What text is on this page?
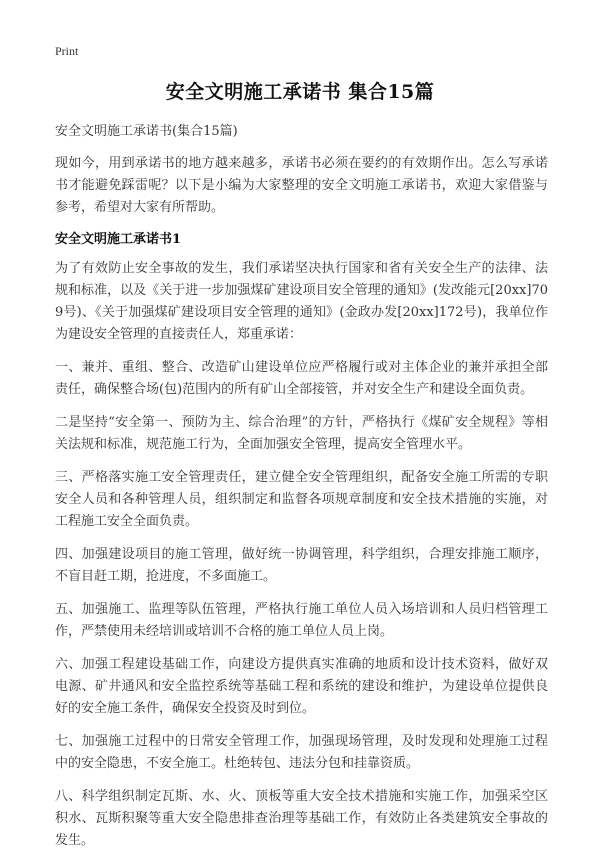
Print
安全文明施工承诺书 集合15篇

安全文明施工承诺书(集合15篇)

现如今，用到承诺书的地方越来越多，承诺书必须在要约的有效期作出。怎么写承诺书才能避免踩雷呢？以下是小编为大家整理的安全文明施工承诺书，欢迎大家借鉴与参考，希望对大家有所帮助。

安全文明施工承诺书1

为了有效防止安全事故的发生，我们承诺坚决执行国家和省有关安全生产的法律、法规和标准，以及《关于进一步加强煤矿建设项目安全管理的通知》(发改能元[20xx]709号)、《关于加强煤矿建设项目安全管理的通知》(金政办发[20xx]172号)，我单位作为建设安全管理的直接责任人，郑重承诺：

一、兼并、重组、整合、改造矿山建设单位应严格履行或对主体企业的兼并承担全部责任，确保整合场(包)范围内的所有矿山全部接管，并对安全生产和建设全面负责。

二是坚持“安全第一、预防为主、综合治理”的方针，严格执行《煤矿安全规程》等相关法规和标准，规范施工行为，全面加强安全管理，提高安全管理水平。

三、严格落实施工安全管理责任，建立健全安全管理组织，配备安全施工所需的专职安全人员和各种管理人员，组织制定和监督各项规章制度和安全技术措施的实施，对工程施工安全全面负责。

四、加强建设项目的施工管理，做好统一协调管理，科学组织，合理安排施工顺序，不盲目赶工期，抢进度，不多面施工。

五、加强施工、监理等队伍管理，严格执行施工单位人员入场培训和人员归档管理工作，严禁使用未经培训或培训不合格的施工单位人员上岗。

六、加强工程建设基础工作，向建设方提供真实准确的地质和设计技术资料，做好双电源、矿井通风和安全监控系统等基础工程和系统的建设和维护，为建设单位提供良好的安全施工条件，确保安全投资及时到位。

七、加强施工过程中的日常安全管理工作，加强现场管理，及时发现和处理施工过程中的安全隐患，不安全施工。杜绝转包、违法分包和挂靠资质。

八、科学组织制定瓦斯、水、火、顶板等重大安全技术措施和实施工作，加强采空区积水、瓦斯积聚等重大安全隐患排查治理等基础工作，有效防止各类建筑安全事故的发生。
